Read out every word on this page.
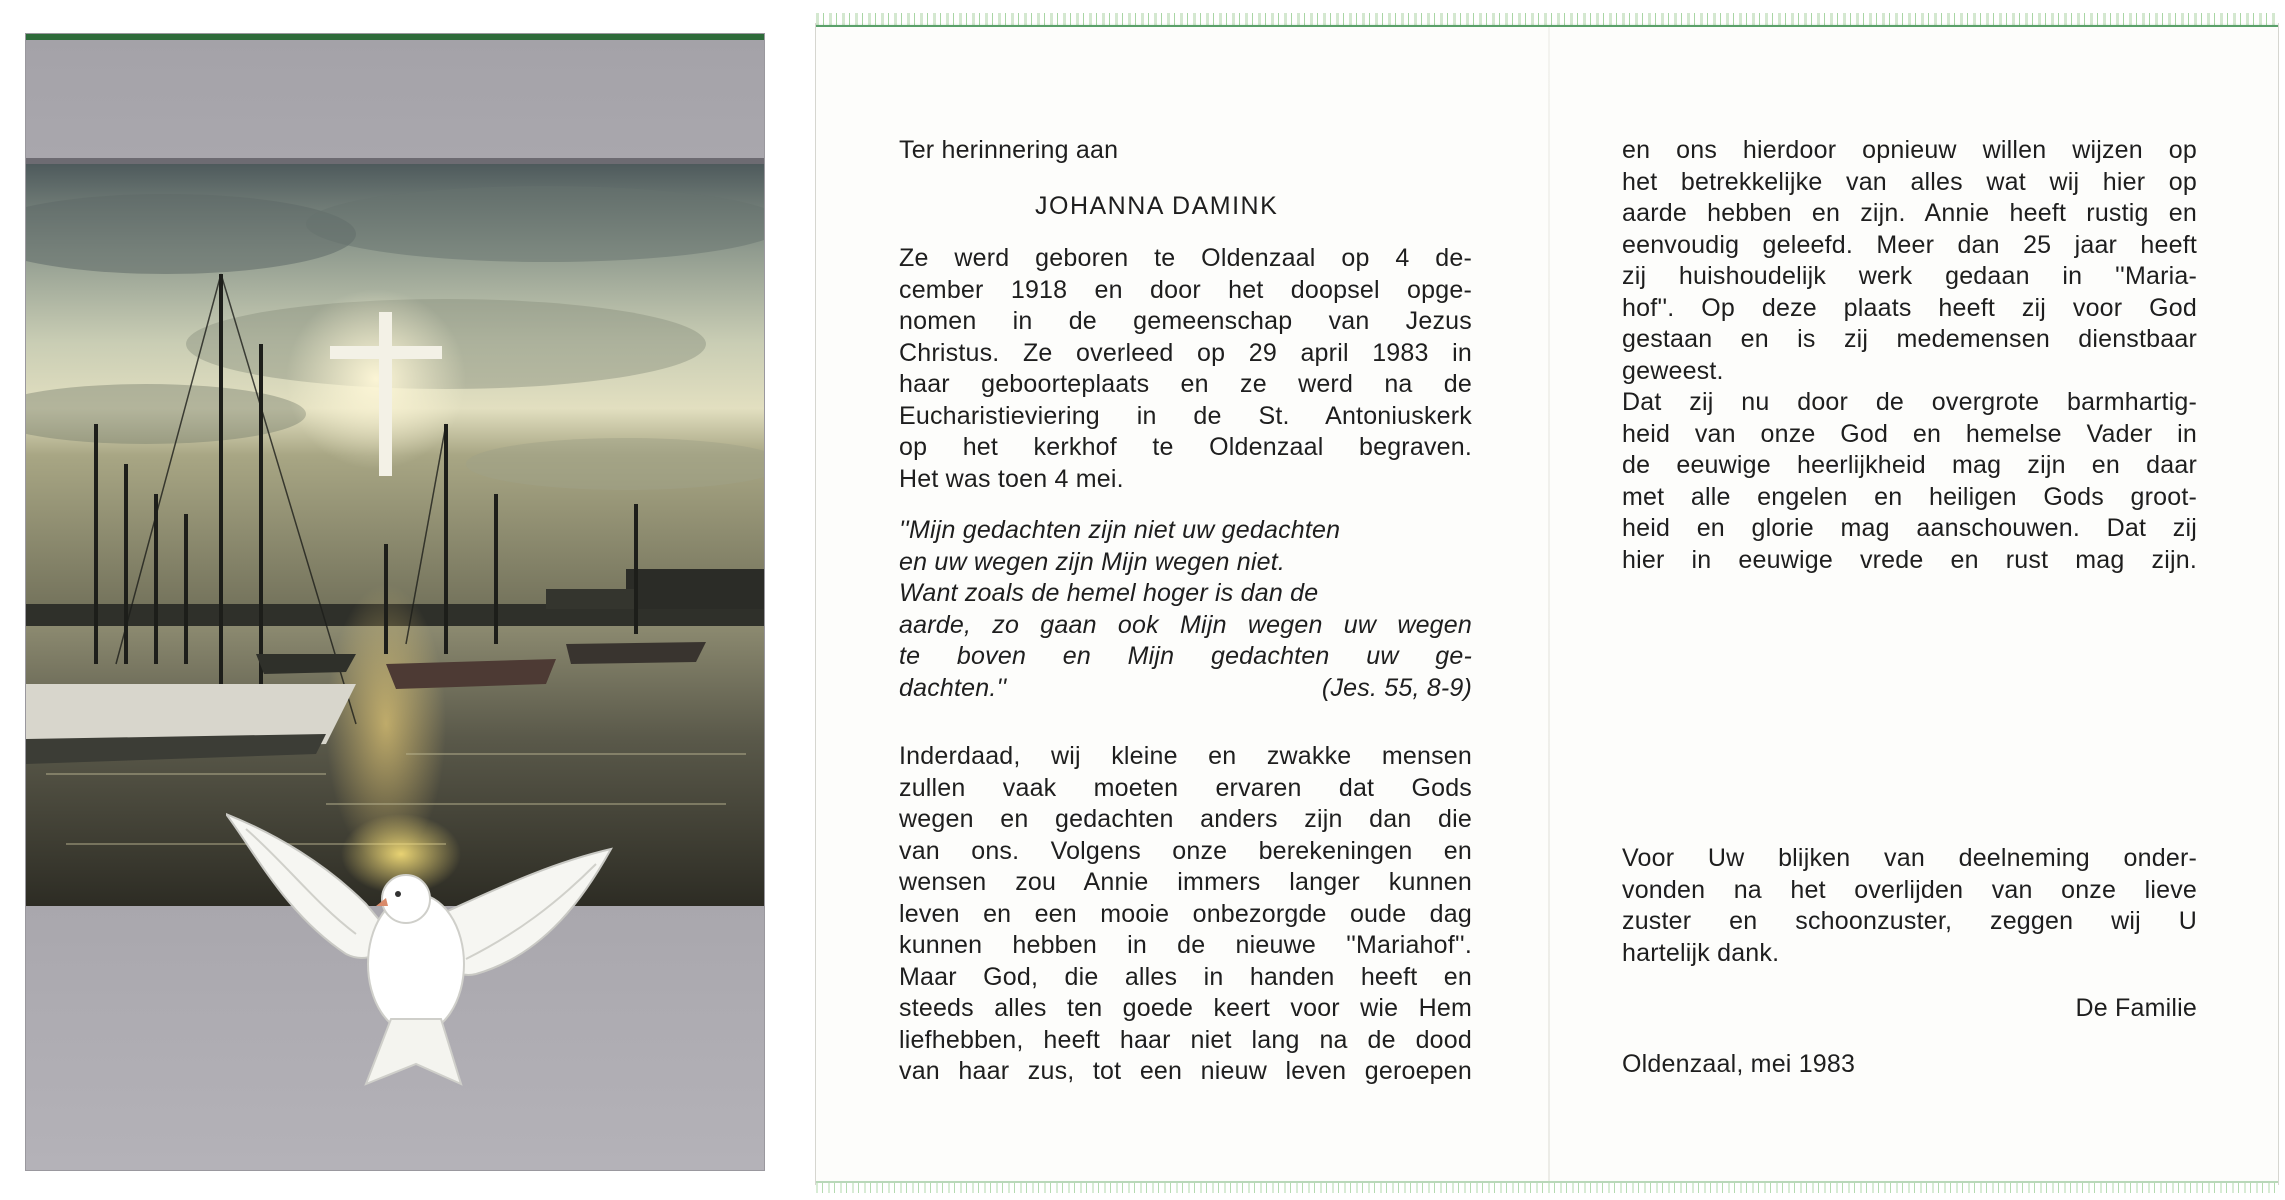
Ter herinnering aan
JOHANNA DAMINK
Ze werd geboren te Oldenzaal op 4 de-
cember 1918 en door het doopsel opge-
nomen in de gemeenschap van Jezus
Christus. Ze overleed op 29 april 1983 in
haar geboorteplaats en ze werd na de
Eucharistieviering in de St. Antoniuskerk
op het kerkhof te Oldenzaal begraven.
Het was toen 4 mei.
''Mijn gedachten zijn niet uw gedachten
en uw wegen zijn Mijn wegen niet.
Want zoals de hemel hoger is dan de
aarde, zo gaan ook Mijn wegen uw wegen
te boven en Mijn gedachten uw ge-
dachten.''	(Jes. 55, 8-9)
Inderdaad, wij kleine en zwakke mensen
zullen vaak moeten ervaren dat Gods
wegen en gedachten anders zijn dan die
van ons. Volgens onze berekeningen en
wensen zou Annie immers langer kunnen
leven en een mooie onbezorgde oude dag
kunnen hebben in de nieuwe ''Mariahof''.
Maar God, die alles in handen heeft en
steeds alles ten goede keert voor wie Hem
liefhebben, heeft haar niet lang na de dood
van haar zus, tot een nieuw leven geroepen
en ons hierdoor opnieuw willen wijzen op
het betrekkelijke van alles wat wij hier op
aarde hebben en zijn. Annie heeft rustig en
eenvoudig geleefd. Meer dan 25 jaar heeft
zij huishoudelijk werk gedaan in ''Maria-
hof''. Op deze plaats heeft zij voor God
gestaan en is zij medemensen dienstbaar
geweest.
Dat zij nu door de overgrote barmhartig-
heid van onze God en hemelse Vader in
de eeuwige heerlijkheid mag zijn en daar
met alle engelen en heiligen Gods groot-
heid en glorie mag aanschouwen. Dat zij
hier in eeuwige vrede en rust mag zijn.
Voor Uw blijken van deelneming onder-
vonden na het overlijden van onze lieve
zuster en schoonzuster, zeggen wij U
hartelijk dank.
De Familie
Oldenzaal, mei 1983
